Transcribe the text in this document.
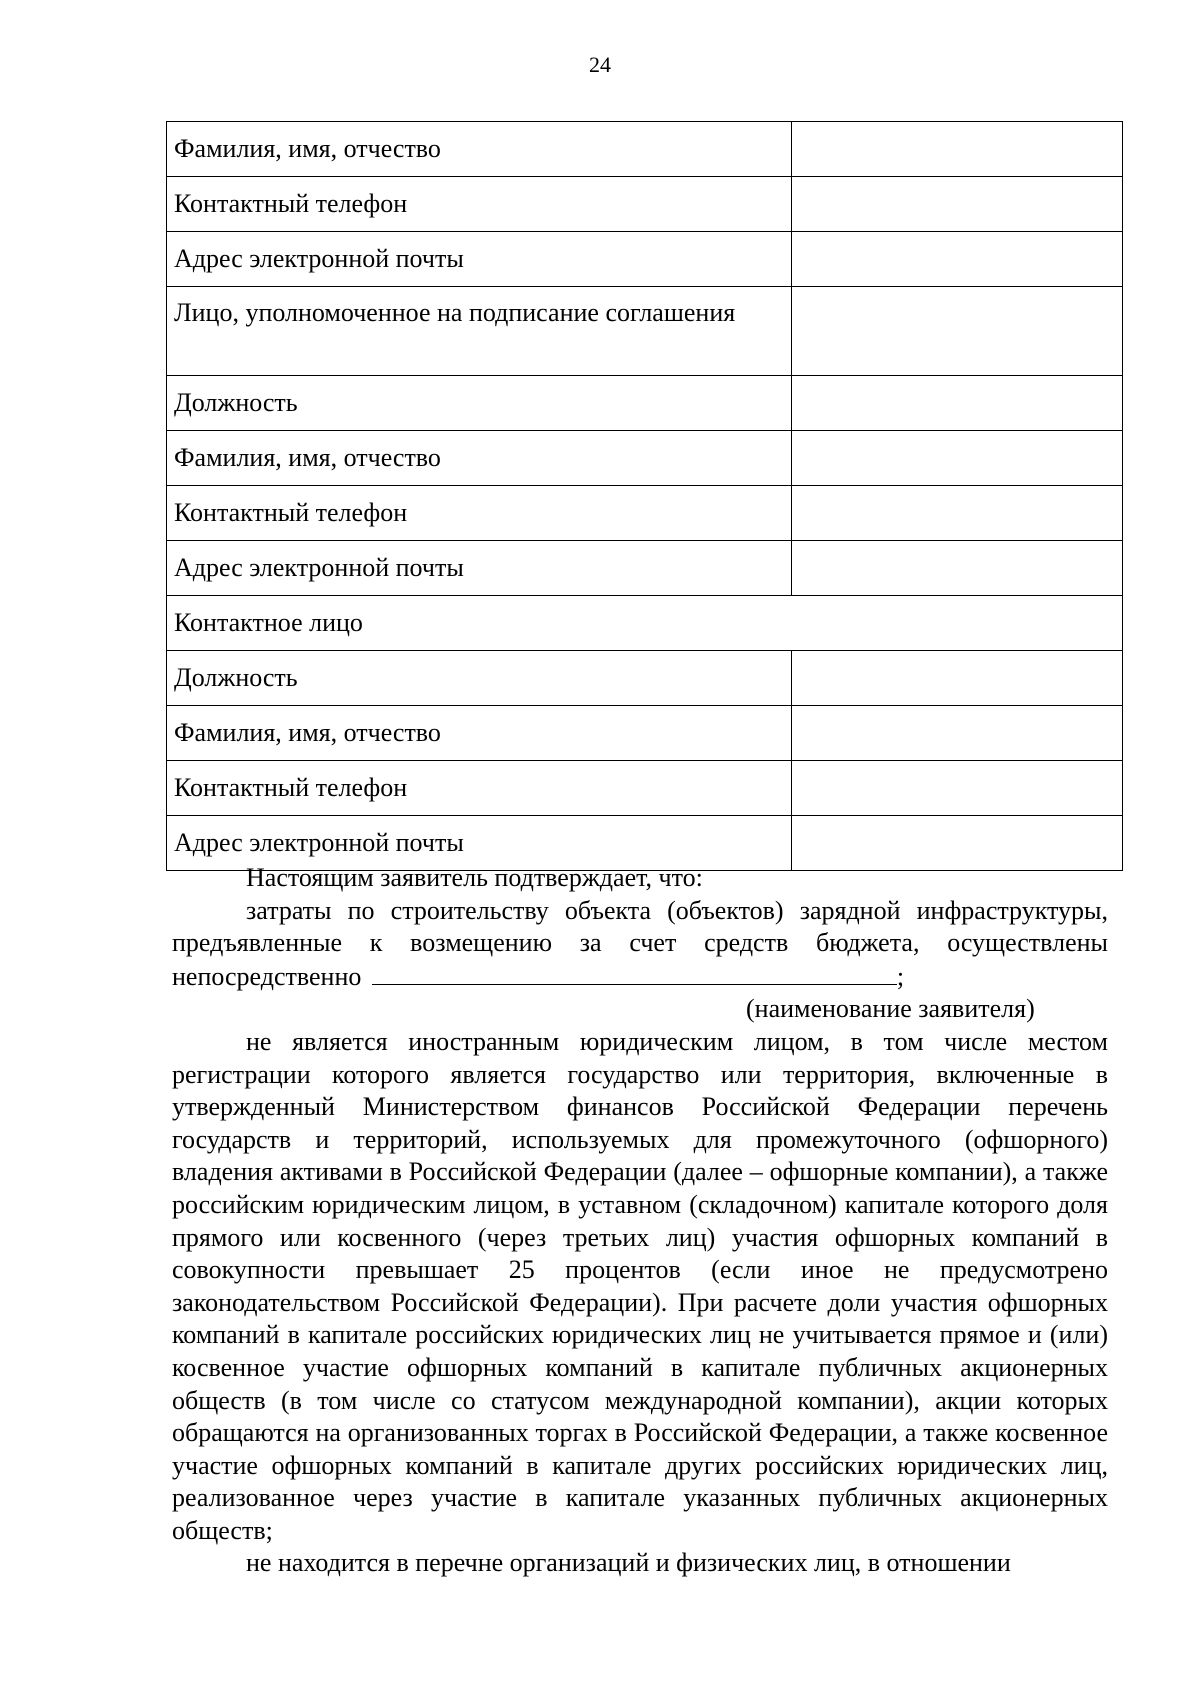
24
Фамилия, имя, отчество	
Контактный телефон	
Адрес электронной почты	
Лицо, уполномоченное на подписание соглашения	
Должность	
Фамилия, имя, отчество	
Контактный телефон	
Адрес электронной почты	
Контактное лицо	
Должность	
Фамилия, имя, отчество	
Контактный телефон	
Адрес электронной почты	

Настоящим заявитель подтверждает, что:

затраты по строительству объекта (объектов) зарядной инфраструктуры, предъявленные к возмещению за счет средств бюджета, осуществлены непосредственно	;

(наименование заявителя)

не является иностранным юридическим лицом, в том числе местом регистрации которого является государство или территория, включенные в утвержденный Министерством финансов Российской Федерации перечень государств и территорий, используемых для промежуточного (офшорного) владения активами в Российской Федерации (далее – офшорные компании), а также российским юридическим лицом, в уставном (складочном) капитале которого доля прямого или косвенного (через третьих лиц) участия офшорных компаний в совокупности превышает 25 процентов (если иное не предусмотрено законодательством Российской Федерации). При расчете доли участия офшорных компаний в капитале российских юридических лиц не учитывается прямое и (или) косвенное участие офшорных компаний в капитале публичных акционерных обществ (в том числе со статусом международной компании), акции которых обращаются на организованных торгах в Российской Федерации, а также косвенное участие офшорных компаний в капитале других российских юридических лиц, реализованное через участие в капитале указанных публичных акционерных обществ;

не находится в перечне организаций и физических лиц, в отношении
